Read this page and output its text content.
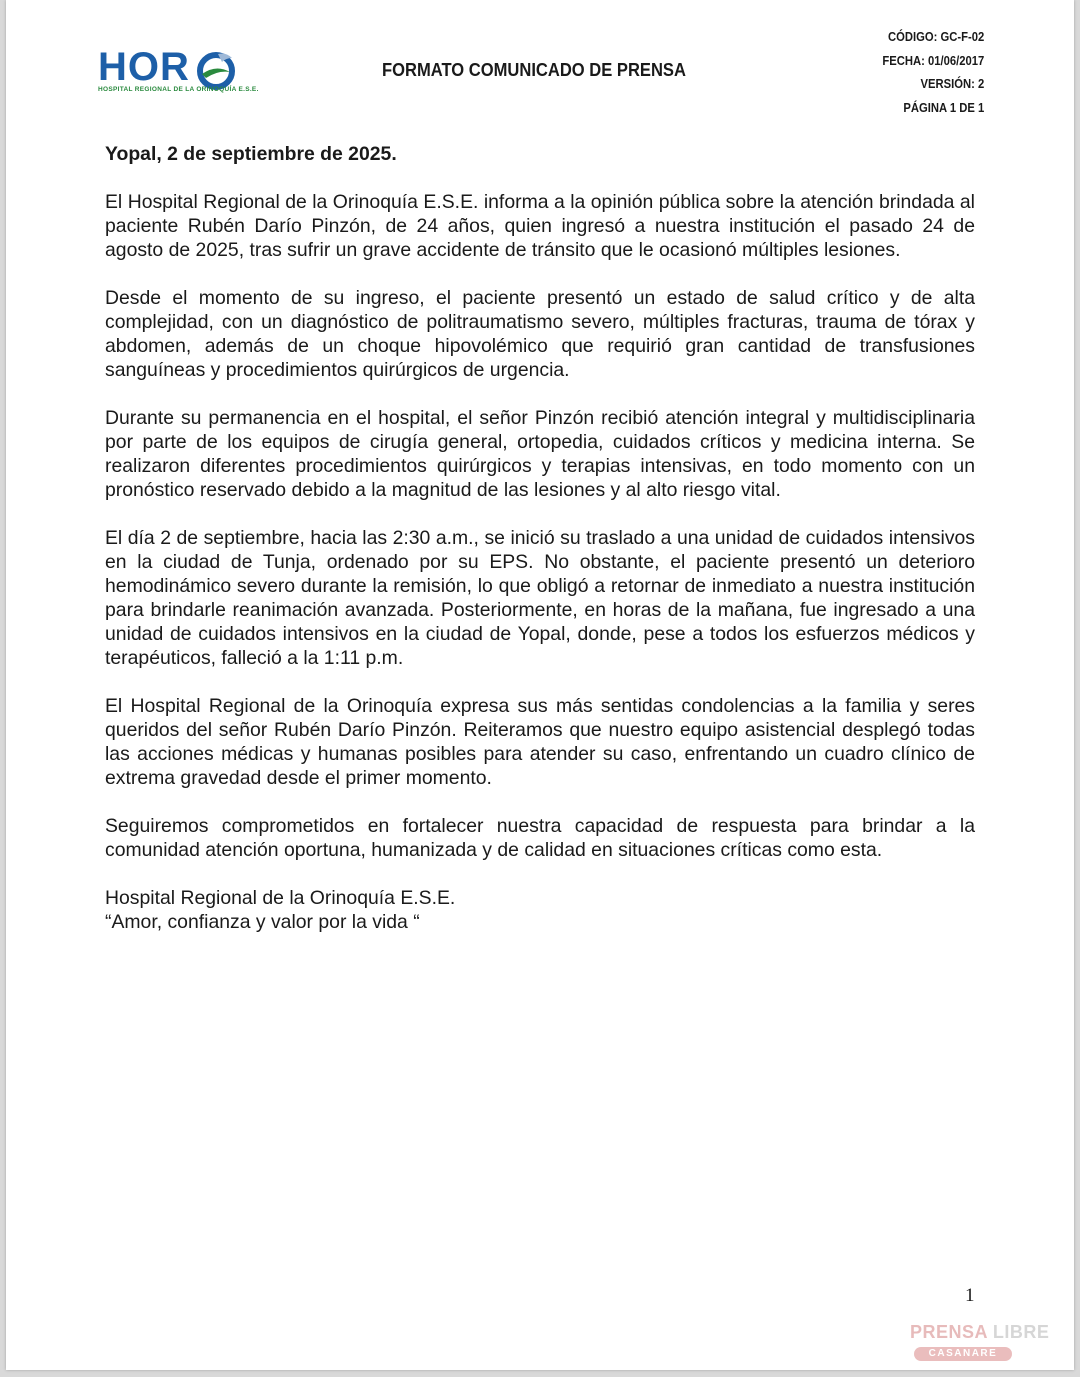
HOR
HOSPITAL REGIONAL DE LA ORINOQUÍA E.S.E.
FORMATO COMUNICADO DE PRENSA
CÓDIGO: GC-F-02
FECHA: 01/06/2017
VERSIÓN: 2
PÁGINA 1 DE 1

Yopal, 2 de septiembre de 2025.

El Hospital Regional de la Orinoquía E.S.E. informa a la opinión pública sobre la atención brindada al paciente Rubén Darío Pinzón, de 24 años, quien ingresó a nuestra institución el pasado 24 de agosto de 2025, tras sufrir un grave accidente de tránsito que le ocasionó múltiples lesiones.

Desde el momento de su ingreso, el paciente presentó un estado de salud crítico y de alta complejidad, con un diagnóstico de politraumatismo severo, múltiples fracturas, trauma de tórax y abdomen, además de un choque hipovolémico que requirió gran cantidad de transfusiones sanguíneas y procedimientos quirúrgicos de urgencia.

Durante su permanencia en el hospital, el señor Pinzón recibió atención integral y multidisciplinaria por parte de los equipos de cirugía general, ortopedia, cuidados críticos y medicina interna. Se realizaron diferentes procedimientos quirúrgicos y terapias intensivas, en todo momento con un pronóstico reservado debido a la magnitud de las lesiones y al alto riesgo vital.

El día 2 de septiembre, hacia las 2:30 a.m., se inició su traslado a una unidad de cuidados intensivos en la ciudad de Tunja, ordenado por su EPS. No obstante, el paciente presentó un deterioro hemodinámico severo durante la remisión, lo que obligó a retornar de inmediato a nuestra institución para brindarle reanimación avanzada. Posteriormente, en horas de la mañana, fue ingresado a una unidad de cuidados intensivos en la ciudad de Yopal, donde, pese a todos los esfuerzos médicos y terapéuticos, falleció a la 1:11 p.m.

El Hospital Regional de la Orinoquía expresa sus más sentidas condolencias a la familia y seres queridos del señor Rubén Darío Pinzón. Reiteramos que nuestro equipo asistencial desplegó todas las acciones médicas y humanas posibles para atender su caso, enfrentando un cuadro clínico de extrema gravedad desde el primer momento.

Seguiremos comprometidos en fortalecer nuestra capacidad de respuesta para brindar a la comunidad atención oportuna, humanizada y de calidad en situaciones críticas como esta.

Hospital Regional de la Orinoquía E.S.E.

“Amor, confianza y valor por la vida “

1
PRENSA LIBRE
CASANARE
